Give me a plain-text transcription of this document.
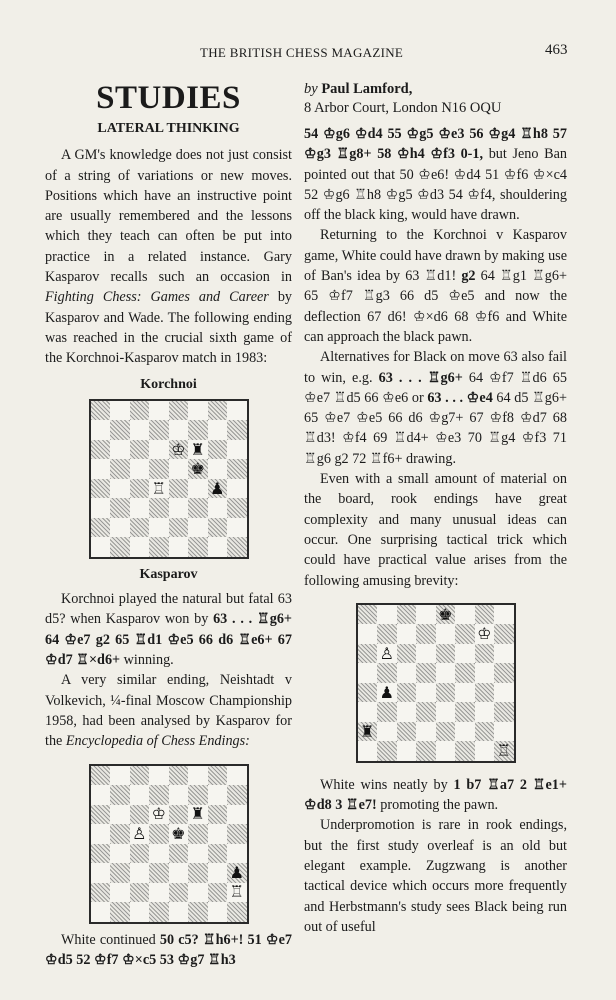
THE BRITISH CHESS MAGAZINE	463
STUDIES
LATERAL THINKING

A GM's knowledge does not just consist of a string of variations or new moves. Positions which have an instructive point are usually remembered and the lessons which they teach can often be put into practice in a related instance. Gary Kasparov recalls such an occasion in Fighting Chess: Games and Career by Kasparov and Wade. The following ending was reached in the crucial sixth game of the Korchnoi-Kasparov match in 1983:

Korchnoi
♔ ♜
♚
♖	♟
Kasparov

Korchnoi played the natural but fatal 63 d5? when Kasparov won by 63 . . . ♖g6+ 64 ♔e7 g2 65 ♖d1 ♔e5 66 d6 ♖e6+ 67 ♔d7 ♖×d6+ winning.

A very similar ending, Neishtadt v Volkevich, ¼-final Moscow Championship 1958, had been analysed by Kasparov for the Encyclopedia of Chess Endings:

♔ ♜
♙ ♚
♟
♖

White continued 50 c5? ♖h6+! 51 ♔e7 ♔d5 52 ♔f7 ♔×c5 53 ♔g7 ♖h3

by Paul Lamford,
8 Arbor Court, London N16 OQU

54 ♔g6 ♔d4 55 ♔g5 ♔e3 56 ♔g4 ♖h8 57 ♔g3 ♖g8+ 58 ♔h4 ♔f3 0-1, but Jeno Ban pointed out that 50 ♔e6! ♔d4 51 ♔f6 ♔×c4 52 ♔g6 ♖h8 ♔g5 ♔d3 54 ♔f4, shouldering off the black king, would have drawn.

Returning to the Korchnoi v Kasparov game, White could have drawn by making use of Ban's idea by 63 ♖d1! g2 64 ♖g1 ♖g6+ 65 ♔f7 ♖g3 66 d5 ♔e5 and now the deflection 67 d6! ♔×d6 68 ♔f6 and White can approach the black pawn.

Alternatives for Black on move 63 also fail to win, e.g. 63 . . . ♖g6+ 64 ♔f7 ♖d6 65 ♔e7 ♖d5 66 ♔e6 or 63 . . . ♔e4 64 d5 ♖g6+ 65 ♔e7 ♔e5 66 d6 ♔g7+ 67 ♔f8 ♔d7 68 ♖d3! ♔f4 69 ♖d4+ ♔e3 70 ♖g4 ♔f3 71 ♖g6 g2 72 ♖f6+ drawing.

Even with a small amount of material on the board, rook endings have great complexity and many unusual ideas can occur. One surprising tactical trick which could have practical value arises from the following amusing brevity:

♚
♔
♙
♟
♜
♖

White wins neatly by 1 b7 ♖a7 2 ♖e1+ ♔d8 3 ♖e7! promoting the pawn.

Underpromotion is rare in rook endings, but the first study overleaf is an old but elegant example. Zugzwang is another tactical device which occurs more frequently and Herbstmann's study sees Black being run out of useful
